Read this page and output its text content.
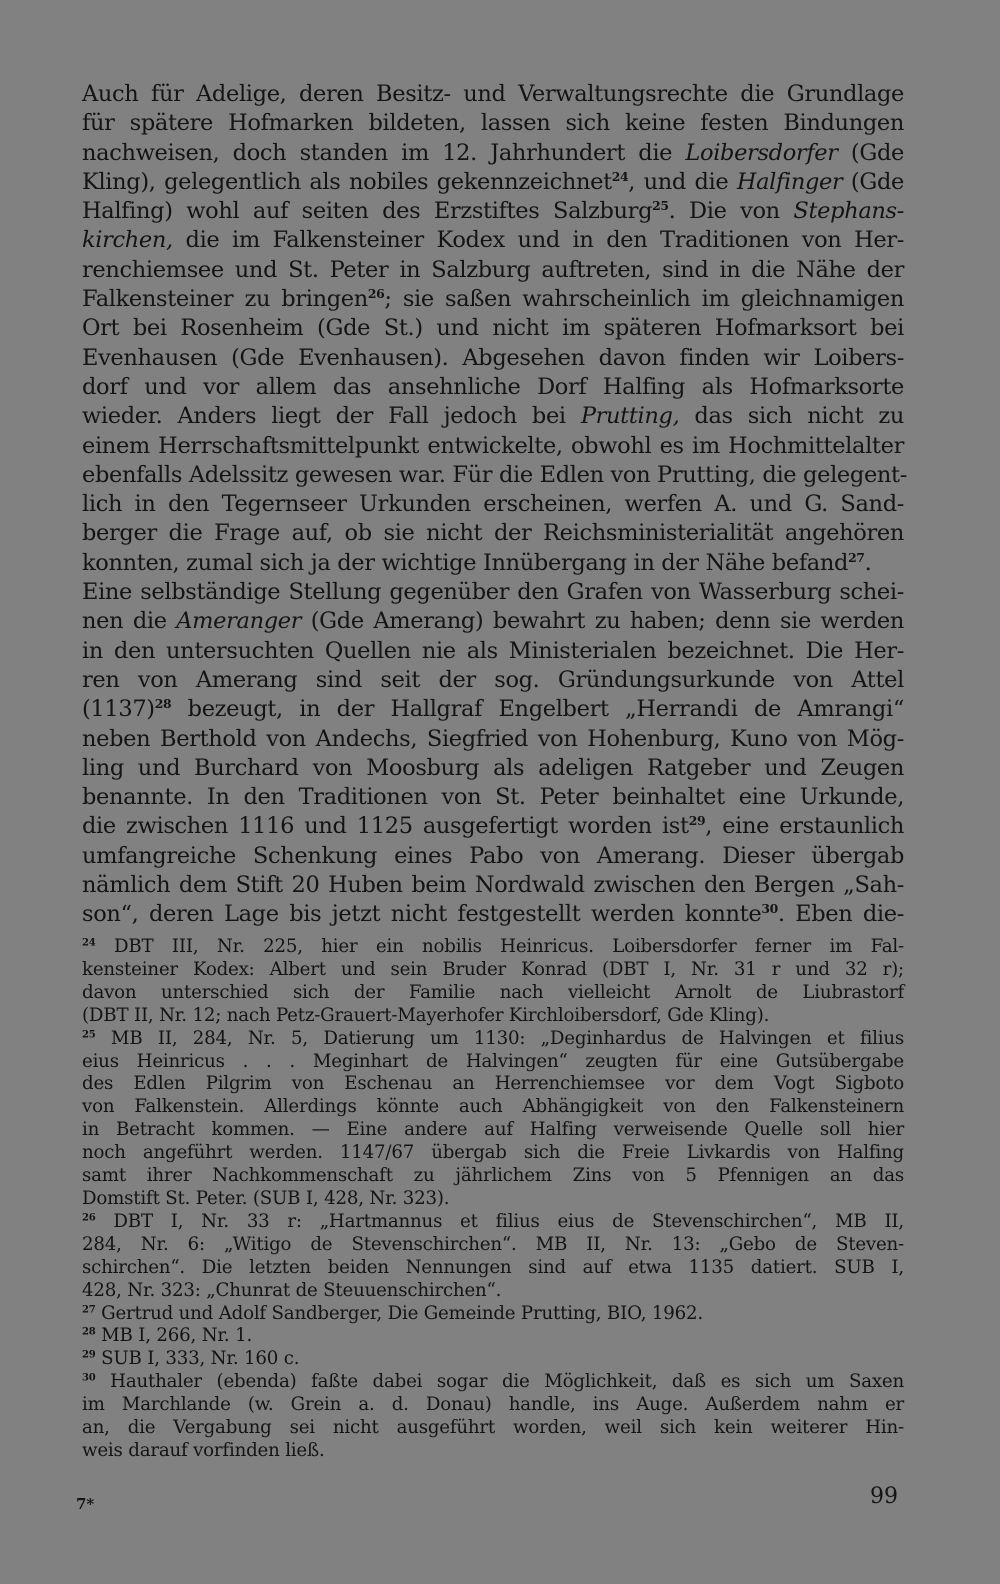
Auch für Adelige, deren Besitz- und Verwaltungsrechte die Grundlage
für spätere Hofmarken bildeten, lassen sich keine festen Bindungen
nachweisen, doch standen im 12. Jahrhundert die Loibersdorfer (Gde
Kling), gelegentlich als nobiles gekennzeichnet$^{24}$, und die Halfinger (Gde
Halfing) wohl auf seiten des Erzstiftes Salzburg$^{25}$. Die von Stephans-
kirchen, die im Falkensteiner Kodex und in den Traditionen von Her-
renchiemsee und St. Peter in Salzburg auftreten, sind in die Nähe der
Falkensteiner zu bringen$^{26}$; sie saßen wahrscheinlich im gleichnamigen
Ort bei Rosenheim (Gde St.) und nicht im späteren Hofmarksort bei
Evenhausen (Gde Evenhausen). Abgesehen davon finden wir Loibers-
dorf und vor allem das ansehnliche Dorf Halfing als Hofmarksorte
wieder. Anders liegt der Fall jedoch bei Prutting, das sich nicht zu
einem Herrschaftsmittelpunkt entwickelte, obwohl es im Hochmittelalter
ebenfalls Adelssitz gewesen war. Für die Edlen von Prutting, die gelegent-
lich in den Tegernseer Urkunden erscheinen, werfen A. und G. Sand-
berger die Frage auf, ob sie nicht der Reichsministerialität angehören
konnten, zumal sich ja der wichtige Innübergang in der Nähe befand$^{27}$.
Eine selbständige Stellung gegenüber den Grafen von Wasserburg schei-
nen die Ameranger (Gde Amerang) bewahrt zu haben; denn sie werden
in den untersuchten Quellen nie als Ministerialen bezeichnet. Die Her-
ren von Amerang sind seit der sog. Gründungsurkunde von Attel
$(1137)^{28}$ bezeugt, in der Hallgraf Engelbert „Herrandi de Amrangi“
neben Berthold von Andechs, Siegfried von Hohenburg, Kuno von Mög-
ling und Burchard von Moosburg als adeligen Ratgeber und Zeugen
benannte. In den Traditionen von St. Peter beinhaltet eine Urkunde,
die zwischen 1116 und 1125 ausgefertigt worden ist$^{29}$, eine erstaunlich
umfangreiche Schenkung eines Pabo von Amerang. Dieser übergab
nämlich dem Stift 20 Huben beim Nordwald zwischen den Bergen „Sah-
son“, deren Lage bis jetzt nicht festgestellt werden konnte$^{30}$. Eben die-
$^{24}$ DBT III, Nr. 225, hier ein nobilis Heinricus. Loibersdorfer ferner im Fal-
kensteiner Kodex: Albert und sein Bruder Konrad (DBT I, Nr. 31 r und 32 r);
davon unterschied sich der Familie nach vielleicht Arnolt de Liubrastorf
(DBT II, Nr. 12; nach Petz-Grauert-Mayerhofer Kirchloibersdorf, Gde Kling).
$^{25}$ MB II, 284, Nr. 5, Datierung um 1130: „Deginhardus de Halvingen et filius
eius Heinricus . . . Meginhart de Halvingen“ zeugten für eine Gutsübergabe
des Edlen Pilgrim von Eschenau an Herrenchiemsee vor dem Vogt Sigboto
von Falkenstein. Allerdings könnte auch Abhängigkeit von den Falkensteinern
in Betracht kommen. — Eine andere auf Halfing verweisende Quelle soll hier
noch angeführt werden. 1147/67 übergab sich die Freie Livkardis von Halfing
samt ihrer Nachkommenschaft zu jährlichem Zins von 5 Pfennigen an das
Domstift St. Peter. (SUB I, 428, Nr. 323).
$^{26}$ DBT I, Nr. 33 r: „Hartmannus et filius eius de Stevenschirchen“, MB II,
284, Nr. 6: „Witigo de Stevenschirchen“. MB II, Nr. 13: „Gebo de Steven-
schirchen“. Die letzten beiden Nennungen sind auf etwa 1135 datiert. SUB I,
428, Nr. 323: „Chunrat de Steuuenschirchen“.
$^{27}$ Gertrud und Adolf Sandberger, Die Gemeinde Prutting, BIO, 1962.
$^{28}$ MB I, 266, Nr. 1.
$^{29}$ SUB I, 333, Nr. 160 c.
$^{30}$ Hauthaler (ebenda) faßte dabei sogar die Möglichkeit, daß es sich um Saxen
im Marchlande (w. Grein a. d. Donau) handle, ins Auge. Außerdem nahm er
an, die Vergabung sei nicht ausgeführt worden, weil sich kein weiterer Hin-
weis darauf vorfinden ließ.
7*	99
